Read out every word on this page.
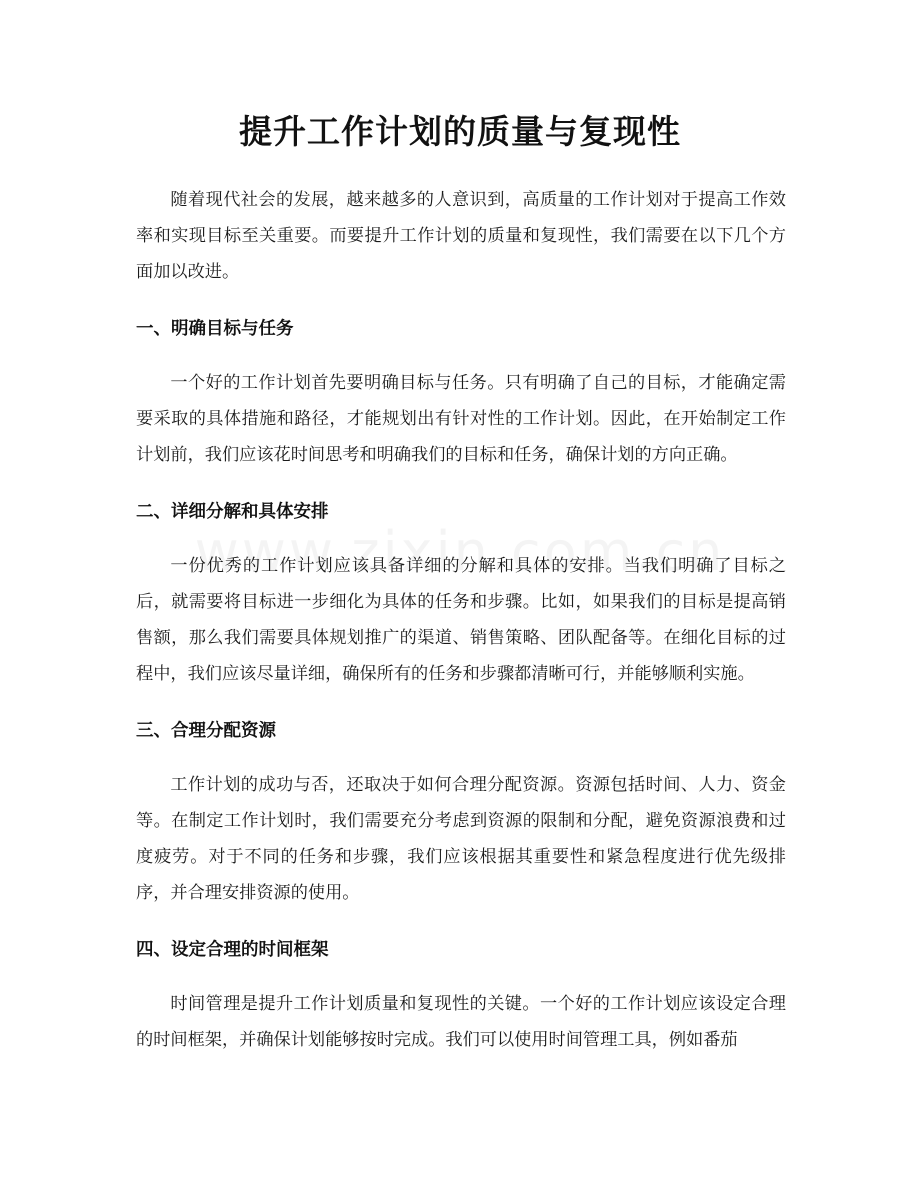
提升工作计划的质量与复现性

随着现代社会的发展，越来越多的人意识到，高质量的工作计划对于提高工作效率和实现目标至关重要。而要提升工作计划的质量和复现性，我们需要在以下几个方面加以改进。

一、明确目标与任务

一个好的工作计划首先要明确目标与任务。只有明确了自己的目标，才能确定需要采取的具体措施和路径，才能规划出有针对性的工作计划。因此，在开始制定工作计划前，我们应该花时间思考和明确我们的目标和任务，确保计划的方向正确。

二、详细分解和具体安排

一份优秀的工作计划应该具备详细的分解和具体的安排。当我们明确了目标之后，就需要将目标进一步细化为具体的任务和步骤。比如，如果我们的目标是提高销售额，那么我们需要具体规划推广的渠道、销售策略、团队配备等。在细化目标的过程中，我们应该尽量详细，确保所有的任务和步骤都清晰可行，并能够顺利实施。

三、合理分配资源

工作计划的成功与否，还取决于如何合理分配资源。资源包括时间、人力、资金等。在制定工作计划时，我们需要充分考虑到资源的限制和分配，避免资源浪费和过度疲劳。对于不同的任务和步骤，我们应该根据其重要性和紧急程度进行优先级排序，并合理安排资源的使用。

四、设定合理的时间框架

时间管理是提升工作计划质量和复现性的关键。一个好的工作计划应该设定合理的时间框架，并确保计划能够按时完成。我们可以使用时间管理工具，例如番茄
